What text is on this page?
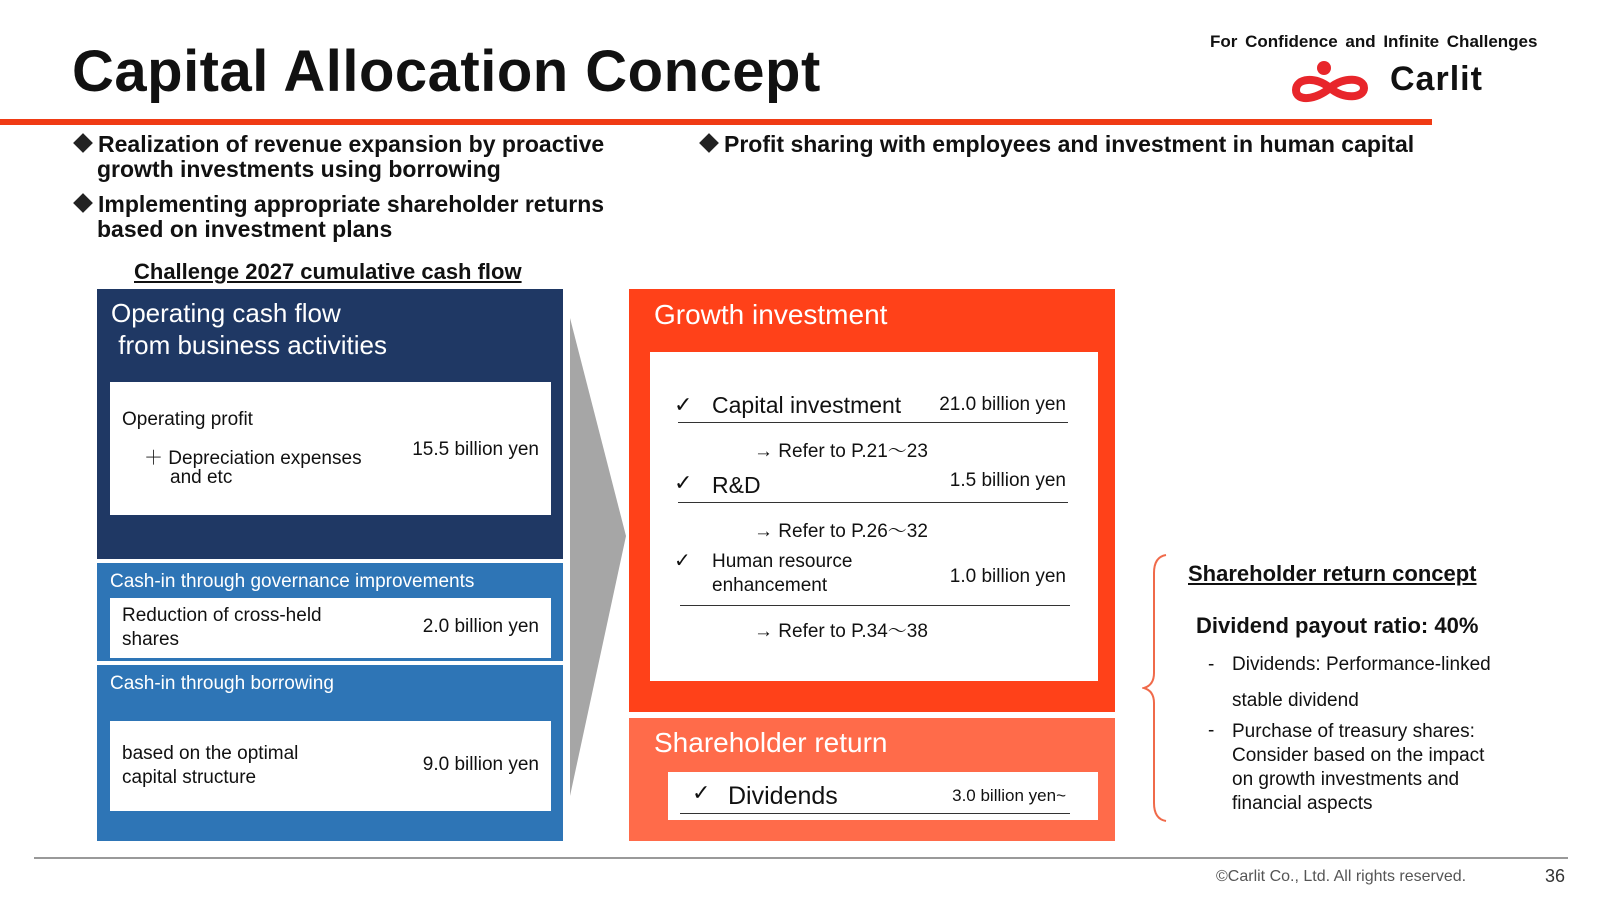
Capital Allocation Concept	For Confidence and Infinite Challenges
Carlit
Realization of revenue expansion by proactive
growth investments using borrowing
Implementing appropriate shareholder returns
based on investment plans
Profit sharing with employees and investment in human capital
Challenge 2027 cumulative cash flow
Operating cash flow
from business activities
Operating profit
＋ Depreciation expenses
and etc
15.5 billion yen
Cash-in through governance improvements
Reduction of cross-held
shares
2.0 billion yen
Cash-in through borrowing
based on the optimal
capital structure
9.0 billion yen
Growth investment
✓ Capital investment 21.0 billion yen
→ Refer to P.21～23
✓ R&D	1.5 billion yen
→ Refer to P.26～32
✓ Human resource
enhancement	1.0 billion yen
→ Refer to P.34～38
Shareholder return
✓ Dividends	3.0 billion yen~
Shareholder return concept
Dividend payout ratio: 40%
- Dividends: Performance-linked
stable dividend
- Purchase of treasury shares:
Consider based on the impact
on growth investments and
financial aspects
©Carlit Co., Ltd. All rights reserved.	36
